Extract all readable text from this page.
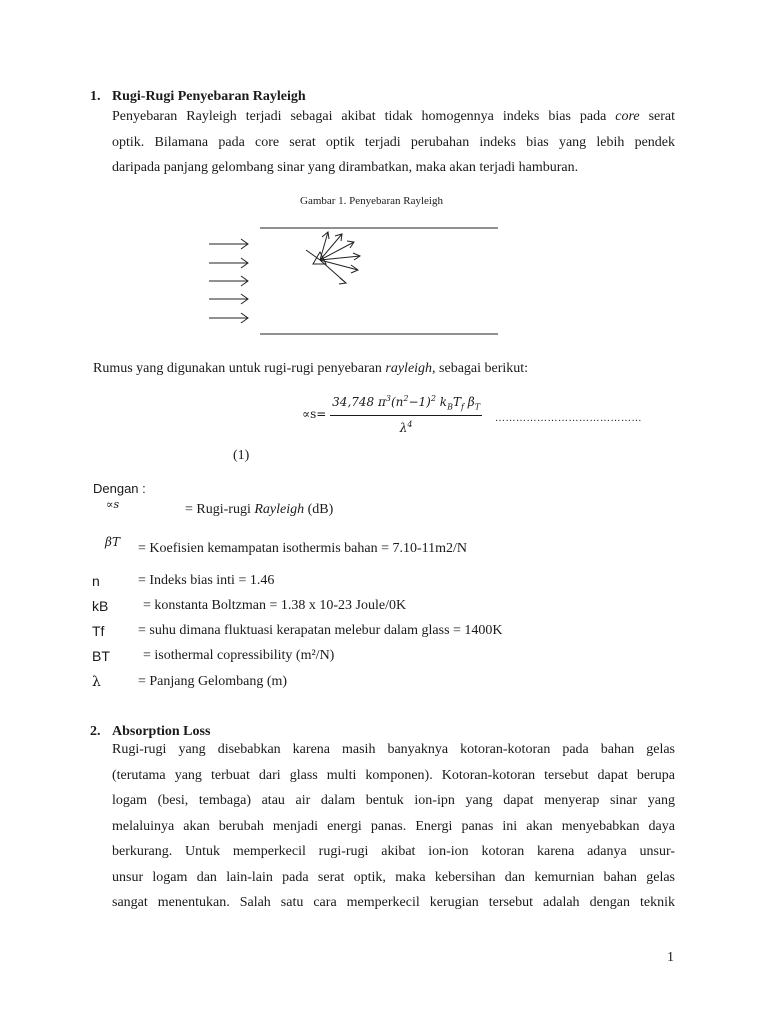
1. Rugi-Rugi Penyebaran Rayleigh
Penyebaran Rayleigh terjadi sebagai akibat tidak homogennya indeks bias pada core serat
optik. Bilamana pada core serat optik terjadi perubahan indeks bias yang lebih pendek
daripada panjang gelombang sinar yang dirambatkan, maka akan terjadi hamburan.
Gambar 1. Penyebaran Rayleigh
Rumus yang digunakan untuk rugi-rugi penyebaran rayleigh, sebagai berikut:
$\propto s= \frac{34,748 \pi^3(n^2-1)^2 k_BT_f \beta_T}{\lambda^4}$ ……………………………………
(1)
Dengan :
∝s	= Rugi-rugi Rayleigh (dB)
βT = Koefisien kemampatan isothermis bahan = 7.10-11m2/N
n	= Indeks bias inti = 1.46
kB = konstanta Boltzman = 1.38 x 10-23 Joule/0K
Tf = suhu dimana fluktuasi kerapatan melebur dalam glass = 1400K
BT = isothermal copressibility (m²/N)
λ	= Panjang Gelombang (m)
2. Absorption Loss
Rugi-rugi yang disebabkan karena masih banyaknya kotoran-kotoran pada bahan gelas
(terutama yang terbuat dari glass multi komponen). Kotoran-kotoran tersebut dapat berupa
logam (besi, tembaga) atau air dalam bentuk ion-ipn yang dapat menyerap sinar yang
melaluinya akan berubah menjadi energi panas. Energi panas ini akan menyebabkan daya
berkurang. Untuk memperkecil rugi-rugi akibat ion-ion kotoran karena adanya unsur-
unsur logam dan lain-lain pada serat optik, maka kebersihan dan kemurnian bahan gelas
sangat menentukan. Salah satu cara memperkecil kerugian tersebut adalah dengan teknik
1
